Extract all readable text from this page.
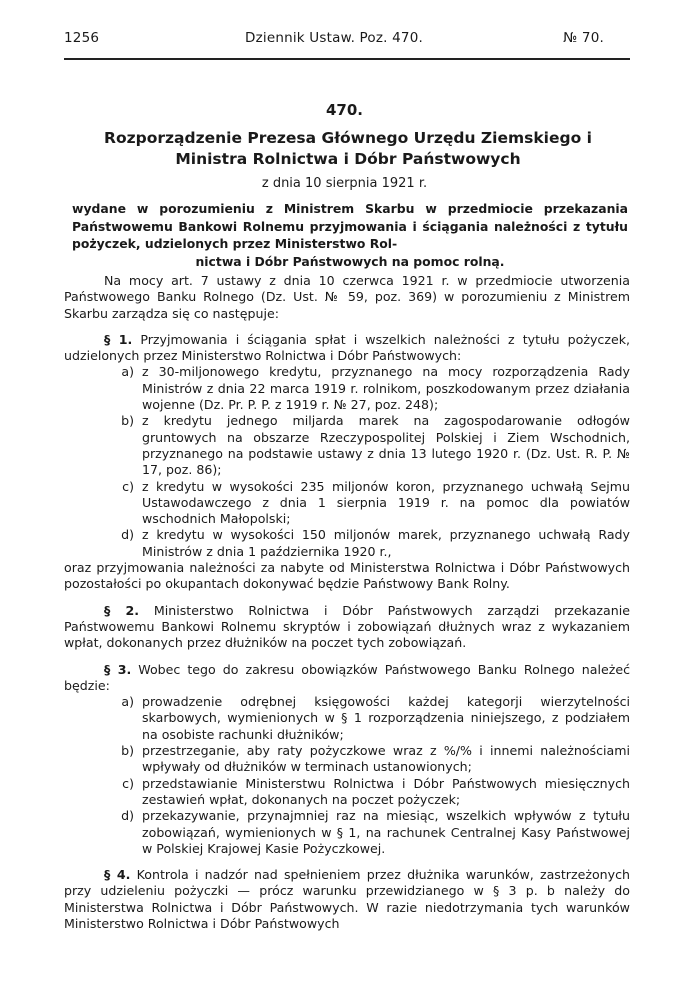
1256	Dziennik Ustaw. Poz. 470.	№ 70.
470.
Rozporządzenie Prezesa Głównego Urzędu Ziemskiego i Ministra Rolnictwa i Dóbr Państwowych
z dnia 10 sierpnia 1921 r.
wydane w porozumieniu z Ministrem Skarbu w przedmiocie przekazania Państwowemu Bankowi Rolnemu przyjmowania i ściągania należności z tytułu pożyczek, udzielonych przez Ministerstwo Rol-
nictwa i Dóbr Państwowych na pomoc rolną.

Na mocy art. 7 ustawy z dnia 10 czerwca 1921 r. w przedmiocie utworzenia Państwowego Banku Rolnego (Dz. Ust. № 59, poz. 369) w porozumieniu z Ministrem Skarbu zarządza się co następuje:

§ 1. Przyjmowania i ściągania spłat i wszelkich należności z tytułu pożyczek, udzielonych przez Ministerstwo Rolnictwa i Dóbr Państwowych:

a) z 30-miljonowego kredytu, przyznanego na mocy rozporządzenia Rady Ministrów z dnia 22 marca 1919 r. rolnikom, poszkodowanym przez działania wojenne (Dz. Pr. P. P. z 1919 r. № 27, poz. 248);
b) z kredytu jednego miljarda marek na zagospodarowanie odłogów gruntowych na obszarze Rzeczypospolitej Polskiej i Ziem Wschodnich, przyznanego na podstawie ustawy z dnia 13 lutego 1920 r. (Dz. Ust. R. P. № 17, poz. 86);
c) z kredytu w wysokości 235 miljonów koron, przyznanego uchwałą Sejmu Ustawodawczego z dnia 1 sierpnia 1919 r. na pomoc dla powiatów wschodnich Małopolski;
d) z kredytu w wysokości 150 miljonów marek, przyznanego uchwałą Rady Ministrów z dnia 1 października 1920 r.,

oraz przyjmowania należności za nabyte od Ministerstwa Rolnictwa i Dóbr Państwowych pozostałości po okupantach dokonywać będzie Państwowy Bank Rolny.

§ 2. Ministerstwo Rolnictwa i Dóbr Państwowych zarządzi przekazanie Państwowemu Bankowi Rolnemu skryptów i zobowiązań dłużnych wraz z wykazaniem wpłat, dokonanych przez dłużników na poczet tych zobowiązań.

§ 3. Wobec tego do zakresu obowiązków Państwowego Banku Rolnego należeć będzie:

a) prowadzenie odrębnej księgowości każdej kategorji wierzytelności skarbowych, wymienionych w § 1 rozporządzenia niniejszego, z podziałem na osobiste rachunki dłużników;
b) przestrzeganie, aby raty pożyczkowe wraz z %/% i innemi należnościami wpływały od dłużników w terminach ustanowionych;
c) przedstawianie Ministerstwu Rolnictwa i Dóbr Państwowych miesięcznych zestawień wpłat, dokonanych na poczet pożyczek;
d) przekazywanie, przynajmniej raz na miesiąc, wszelkich wpływów z tytułu zobowiązań, wymienionych w § 1, na rachunek Centralnej Kasy Państwowej w Polskiej Krajowej Kasie Pożyczkowej.

§ 4. Kontrola i nadzór nad spełnieniem przez dłużnika warunków, zastrzeżonych przy udzieleniu pożyczki — prócz warunku przewidzianego w § 3 p. b należy do Ministerstwa Rolnictwa i Dóbr Państwowych. W razie niedotrzymania tych warunków Ministerstwo Rolnictwa i Dóbr Państwowych
